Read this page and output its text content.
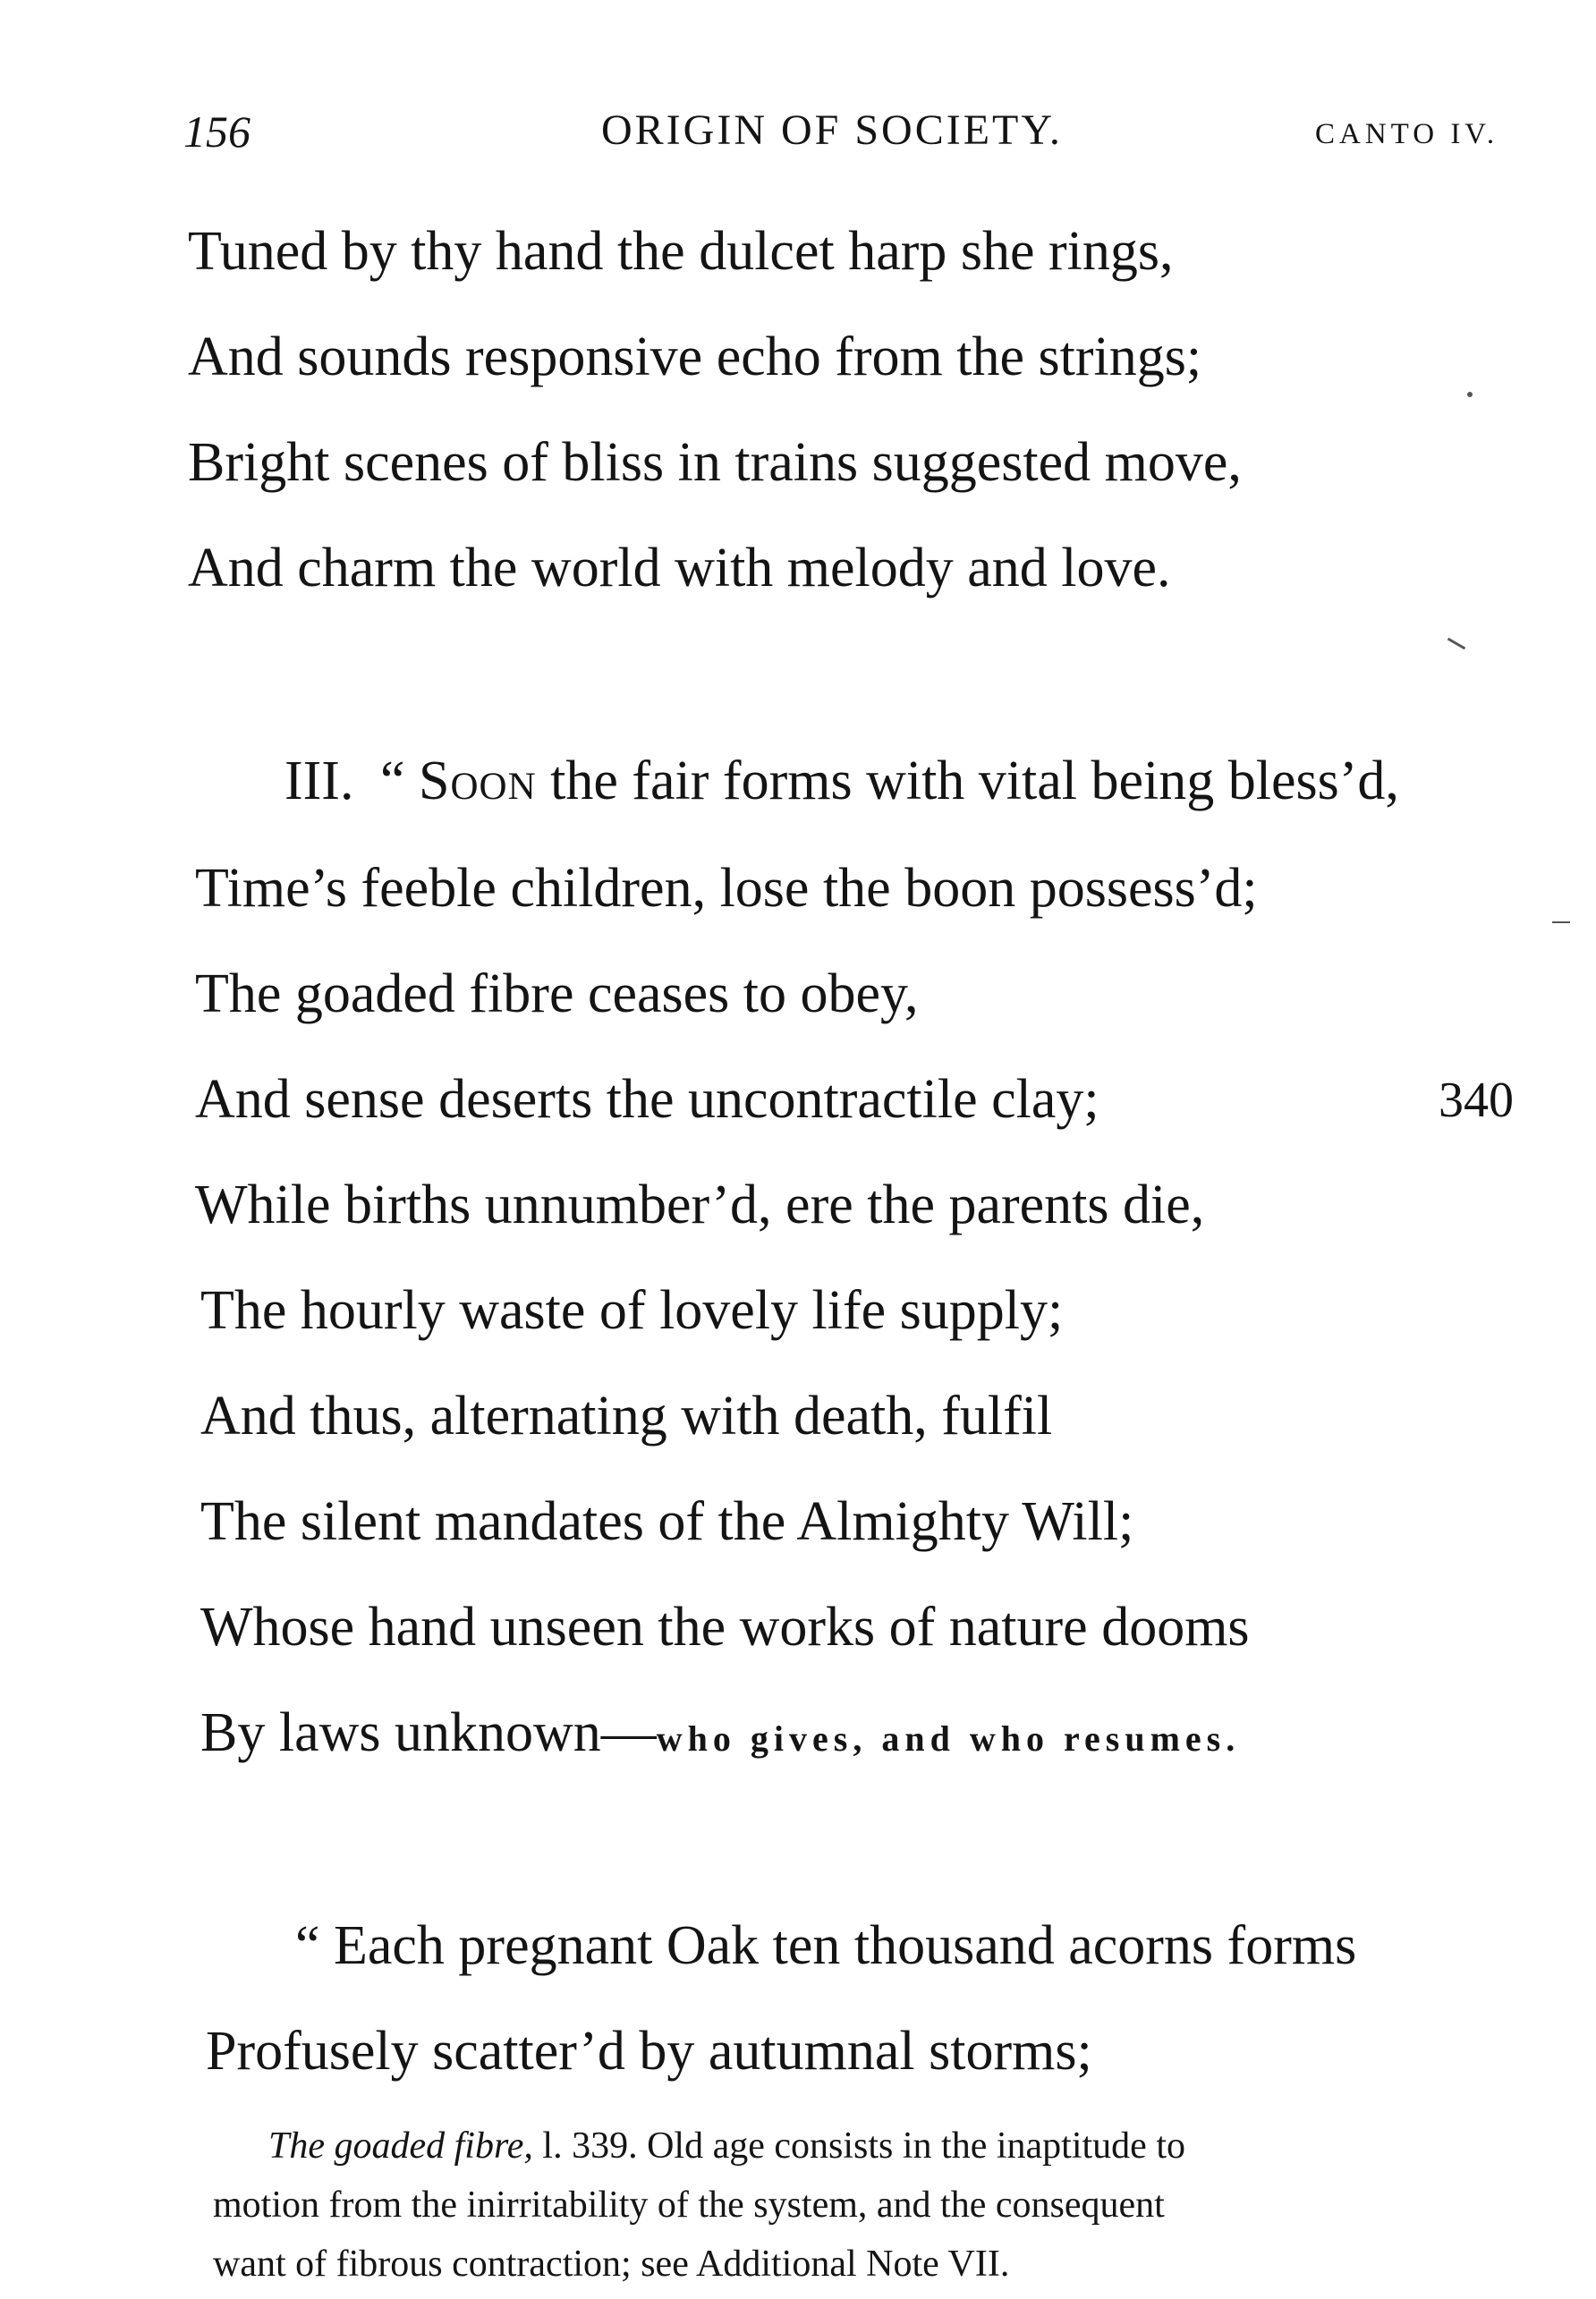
156	ORIGIN OF SOCIETY.	CANTO IV.
Tuned by thy hand the dulcet harp she rings,
And sounds responsive echo from the strings;
Bright scenes of bliss in trains suggested move,
And charm the world with melody and love.
III. “ Soon the fair forms with vital being bless’d,
Time’s feeble children, lose the boon possess’d;
The goaded fibre ceases to obey,
And sense deserts the uncontractile clay;	340
While births unnumber’d, ere the parents die,
The hourly waste of lovely life supply;
And thus, alternating with death, fulfil
The silent mandates of the Almighty Will;
Whose hand unseen the works of nature dooms
By laws unknown—who gives, and who resumes.
“ Each pregnant Oak ten thousand acorns forms
Profusely scatter’d by autumnal storms;
The goaded fibre, l. 339. Old age consists in the inaptitude to
motion from the inirritability of the system, and the consequent
want of fibrous contraction; see Additional Note VII.
